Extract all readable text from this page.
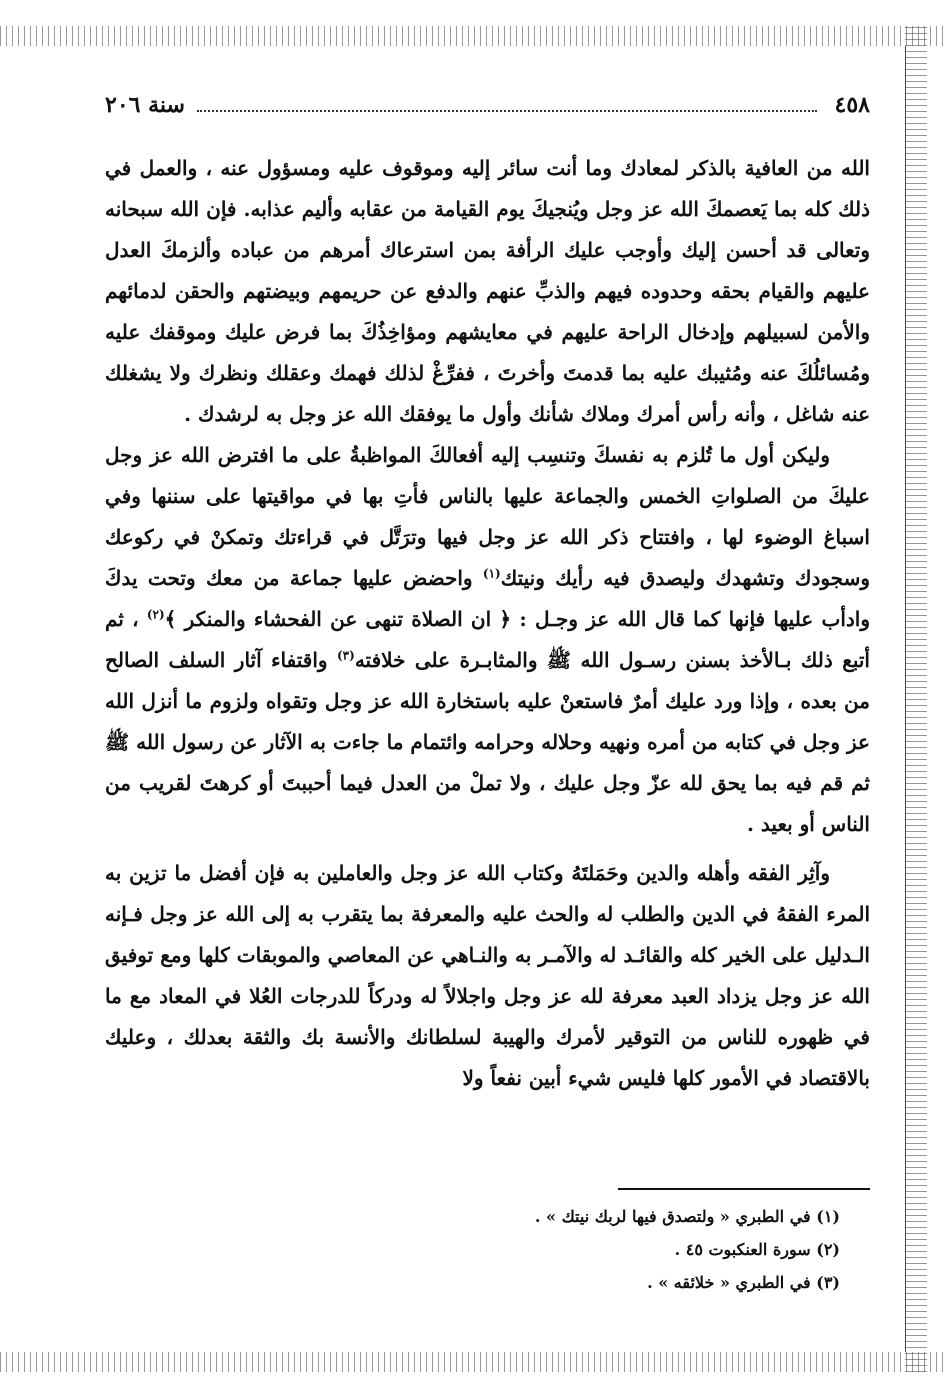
٤٥٨
سنة ٢٠٦

الله من العافية بالذكر لمعادك وما أنت سائر إليه وموقوف عليه ومسؤول عنه ، والعمل في ذلك كله بما يَعصمكَ الله عز وجل ويُنجيكَ يوم القيامة من عقابه وأليم عذابه. فإن الله سبحانه وتعالى قد أحسن إليك وأوجب عليك الرأفة بمن استرعاك أمرهم من عباده وألزمكَ العدل عليهم والقيام بحقه وحدوده فيهم والذبِّ عنهم والدفع عن حريمهم وبيضتهم والحقن لدمائهم والأمن لسبيلهم وإدخال الراحة عليهم في معايشهم ومؤاخِذُكَ بما فرض عليك وموقفك عليه ومُسائلُكَ عنه ومُثيبك عليه بما قدمتَ وأخرتَ ، ففرِّغْ لذلك فهمك وعقلك ونظرك ولا يشغلك عنه شاغل ، وأنه رأس أمرك وملاك شأنك وأول ما يوفقك الله عز وجل به لرشدك .

وليكن أول ما تُلزم به نفسكَ وتنسِب إليه أفعالكَ المواظبةُ على ما افترض الله عز وجل عليكَ من الصلواتِ الخمس والجماعة عليها بالناس فأتِ بها في مواقيتها على سننها وفي اسباغ الوضوء لها ، وافتتاح ذكر الله عز وجل فيها وترَتَّل في قراءتك وتمكنْ في ركوعك وسجودك وتشهدك وليصدق فيه رأيك ونيتك$^{(١)}$ واحضض عليها جماعة من معك وتحت يدكَ وادأب عليها فإنها كما قال الله عز وجـل : ﴿ ان الصلاة تنهى عن الفحشاء والمنكر ﴾$^{(٢)}$ ، ثم أتبع ذلك بـالأخذ بسنن رسـول الله ﷺ والمثابـرة على خلافته$^{(٣)}$ واقتفاء آثار السلف الصالح من بعده ، وإذا ورد عليك أمرٌ فاستعنْ عليه باستخارة الله عز وجل وتقواه ولزوم ما أنزل الله عز وجل في كتابه من أمره ونهيه وحلاله وحرامه وائتمام ما جاءت به الآثار عن رسول الله ﷺ ثم قم فيه بما يحق لله عزّ وجل عليك ، ولا تملْ من العدل فيما أحببتَ أو كرهتَ لقريب من الناس أو بعيد .

وآثِر الفقه وأهله والدين وحَمَلتَهُ وكتاب الله عز وجل والعاملين به فإن أفضل ما تزين به المرء الفقهُ في الدين والطلب له والحث عليه والمعرفة بما يتقرب به إلى الله عز وجل فـإنه الـدليل على الخير كله والقائـد له والآمـر به والنـاهي عن المعاصي والموبقات كلها ومع توفيق الله عز وجل يزداد العبد معرفة لله عز وجل واجلالاً له ودركاً للدرجات العُلا في المعاد مع ما في ظهوره للناس من التوقير لأمرك والهيبة لسلطانك والأنسة بك والثقة بعدلك ، وعليك بالاقتصاد في الأمور كلها فليس شيء أبين نفعاً ولا

(١) في الطبري « ولتصدق فيها لربك نيتك » .

(٢) سورة العنكبوت ٤٥ .

(٣) في الطبري « خلائقه » .
